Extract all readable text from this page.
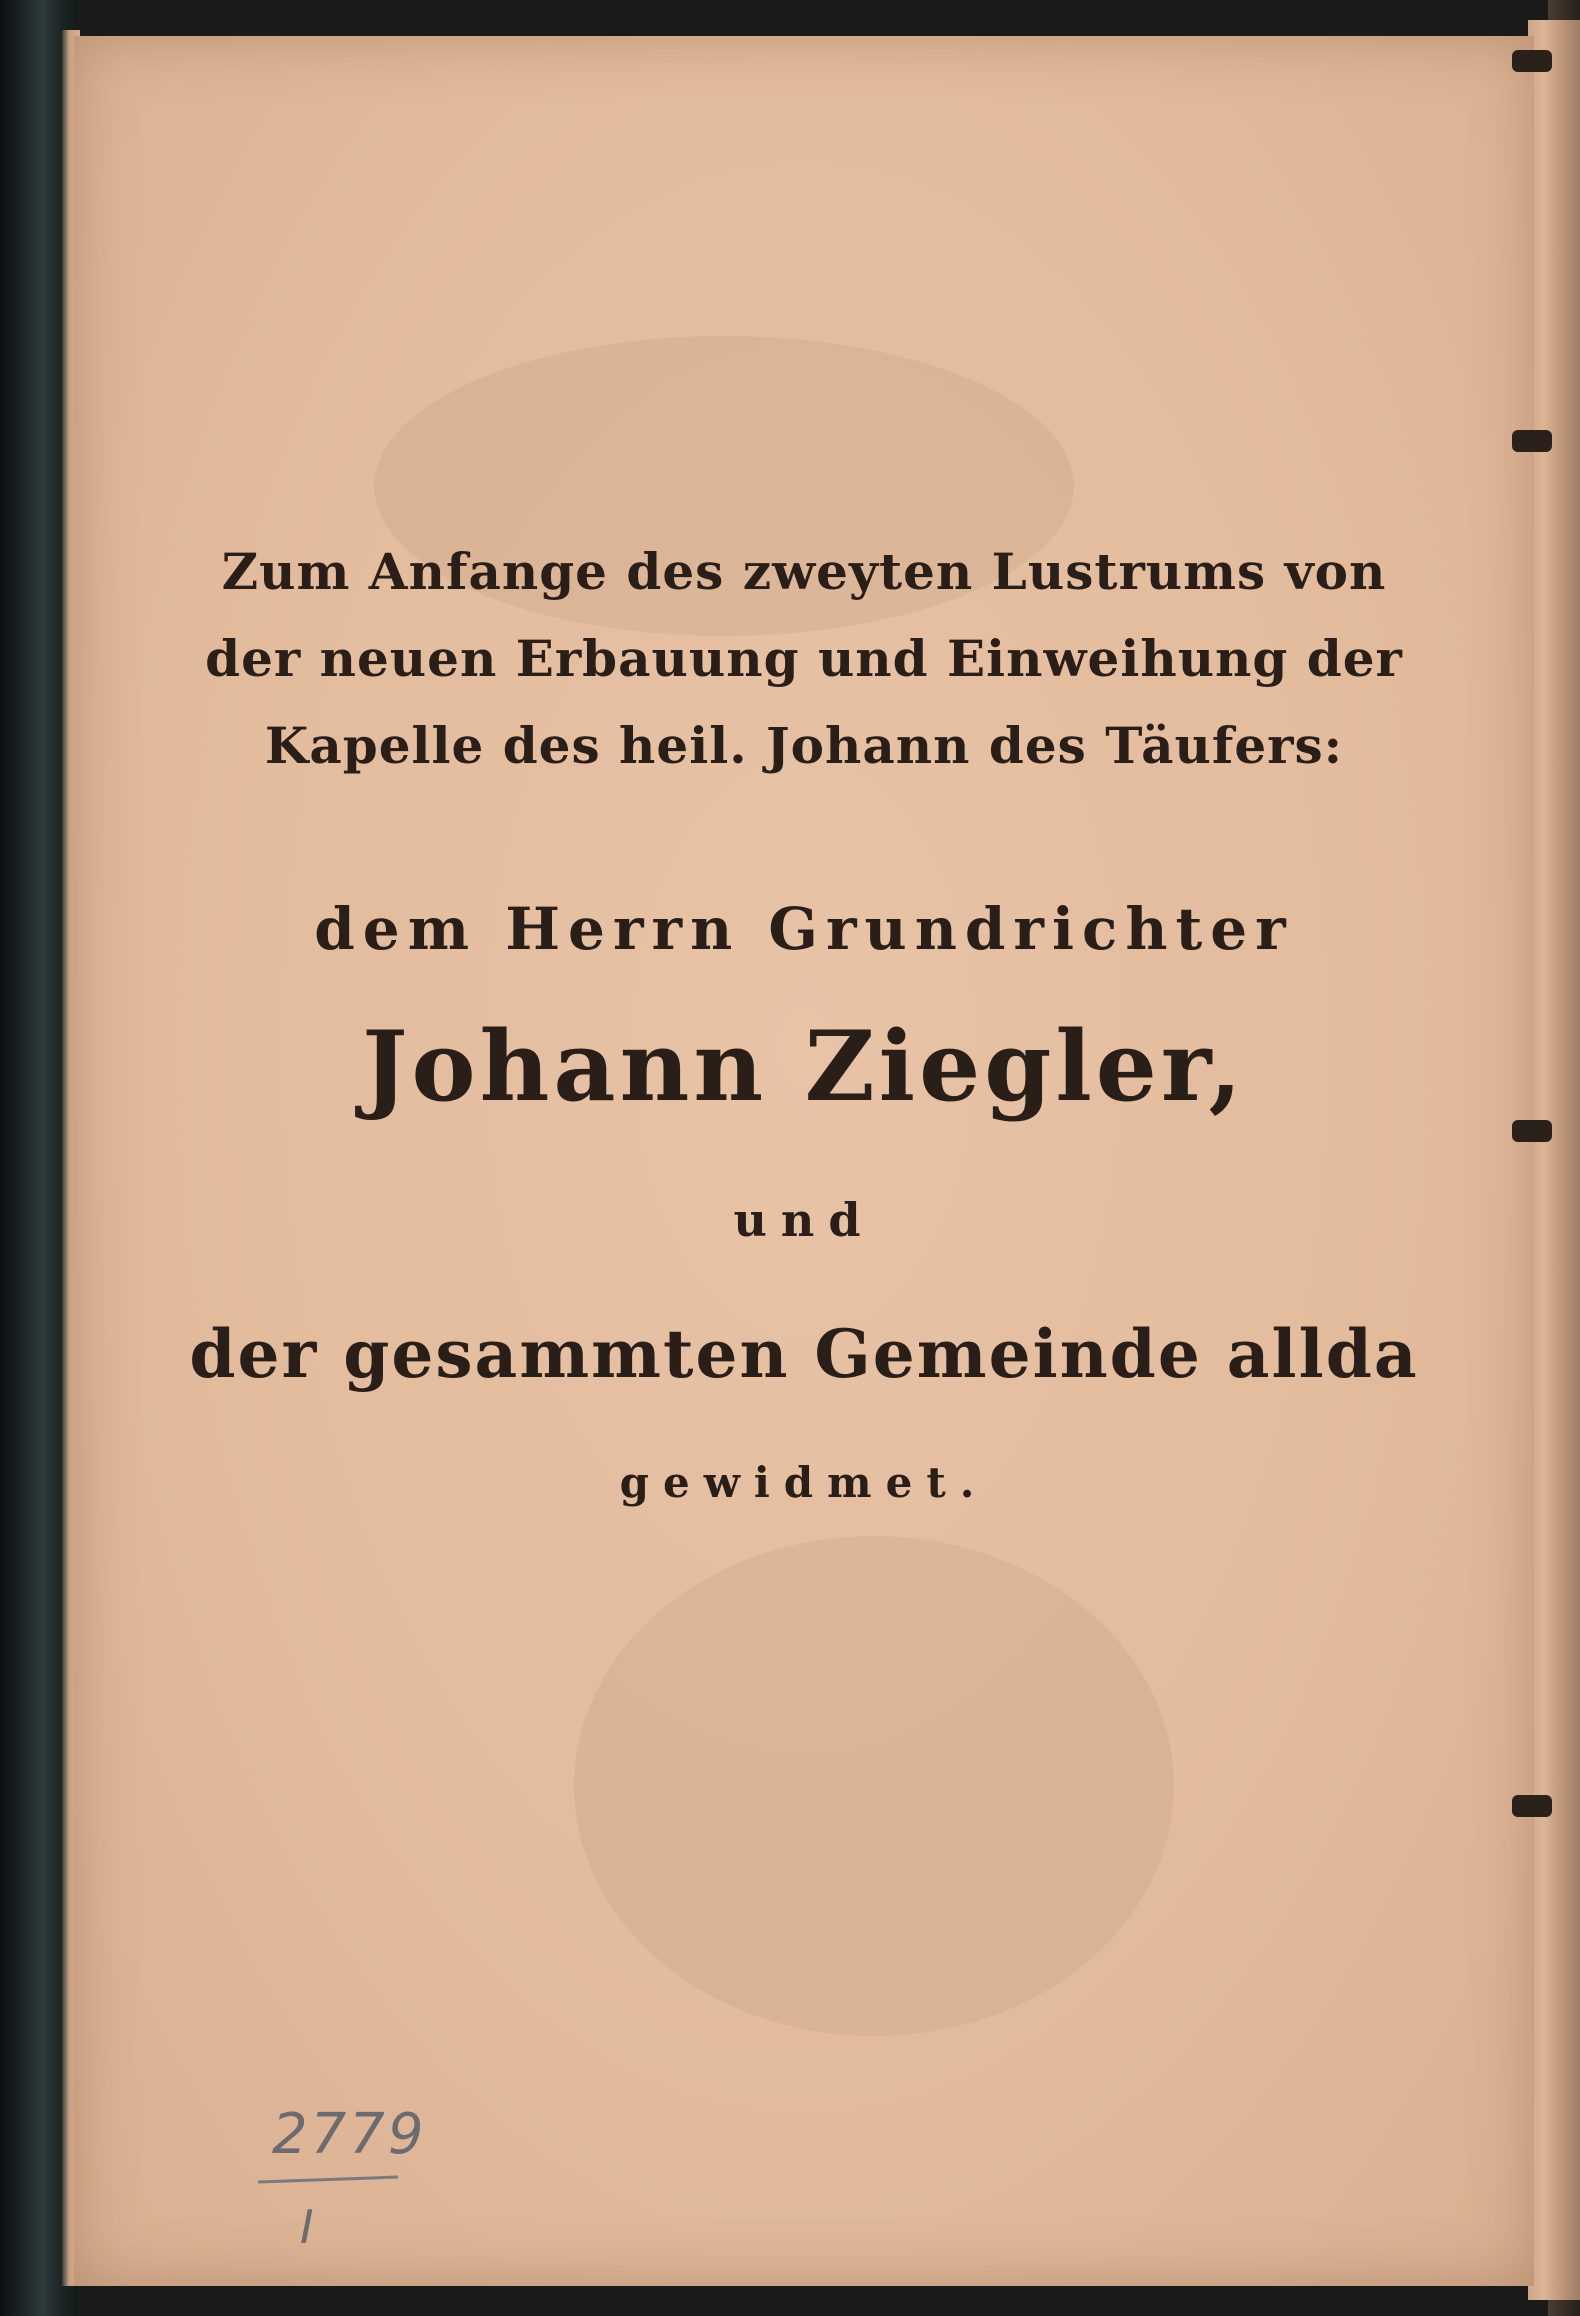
Zum Anfange des zweyten Lustrums von
der neuen Erbauung und Einweihung der
Kapelle des heil. Johann des Täufers:
dem Herrn Grundrichter
Johann Ziegler,
und
der gesammten Gemeinde allda
gewidmet.
2779
I
